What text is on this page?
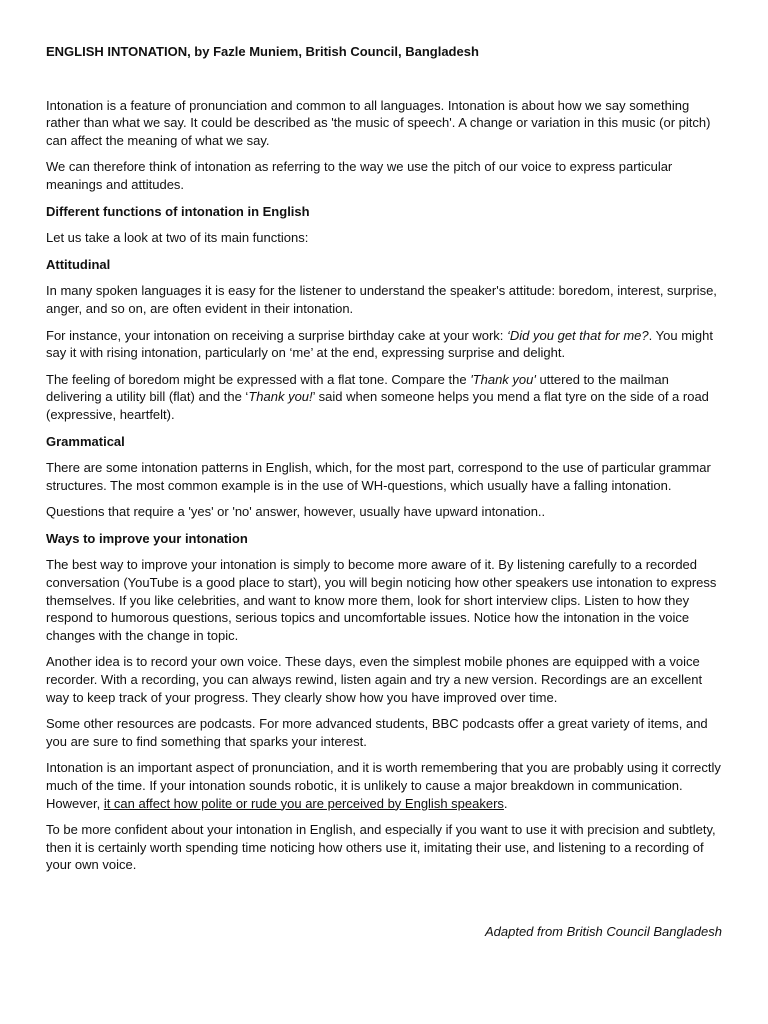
ENGLISH INTONATION, by Fazle Muniem, British Council, Bangladesh

Intonation is a feature of pronunciation and common to all languages. Intonation is about how we say something rather than what we say. It could be described as 'the music of speech'. A change or variation in this music (or pitch) can affect the meaning of what we say.

We can therefore think of intonation as referring to the way we use the pitch of our voice to express particular meanings and attitudes.

Different functions of intonation in English

Let us take a look at two of its main functions:

Attitudinal

In many spoken languages it is easy for the listener to understand the speaker's attitude: boredom, interest, surprise, anger, and so on, are often evident in their intonation.

For instance, your intonation on receiving a surprise birthday cake at your work: ‘Did you get that for me?. You might say it with rising intonation, particularly on ‘me’ at the end, expressing surprise and delight.

The feeling of boredom might be expressed with a flat tone. Compare the 'Thank you' uttered to the mailman delivering a utility bill (flat) and the ‘Thank you!’ said when someone helps you mend a flat tyre on the side of a road (expressive, heartfelt).

Grammatical

There are some intonation patterns in English, which, for the most part, correspond to the use of particular grammar structures. The most common example is in the use of WH-questions, which usually have a falling intonation.

Questions that require a 'yes' or 'no' answer, however, usually have upward intonation..

Ways to improve your intonation

The best way to improve your intonation is simply to become more aware of it. By listening carefully to a recorded conversation (YouTube is a good place to start), you will begin noticing how other speakers use intonation to express themselves. If you like celebrities, and want to know more them, look for short interview clips. Listen to how they respond to humorous questions, serious topics and uncomfortable issues. Notice how the intonation in the voice changes with the change in topic.

Another idea is to record your own voice. These days, even the simplest mobile phones are equipped with a voice recorder. With a recording, you can always rewind, listen again and try a new version. Recordings are an excellent way to keep track of your progress. They clearly show how you have improved over time.

Some other resources are podcasts. For more advanced students, BBC podcasts offer a great variety of items, and you are sure to find something that sparks your interest.

Intonation is an important aspect of pronunciation, and it is worth remembering that you are probably using it correctly much of the time. If your intonation sounds robotic, it is unlikely to cause a major breakdown in communication. However, it can affect how polite or rude you are perceived by English speakers.

To be more confident about your intonation in English, and especially if you want to use it with precision and subtlety, then it is certainly worth spending time noticing how others use it, imitating their use, and listening to a recording of your own voice.

Adapted from British Council Bangladesh
